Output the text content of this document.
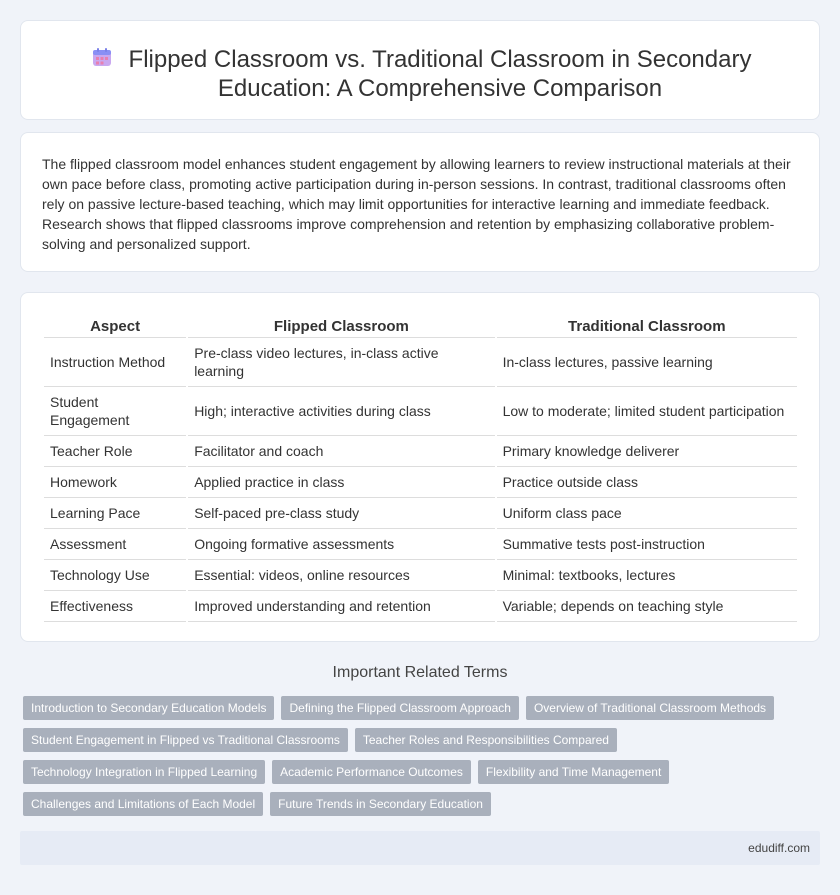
Flipped Classroom vs. Traditional Classroom in Secondary Education: A Comprehensive Comparison

The flipped classroom model enhances student engagement by allowing learners to review instructional materials at their own pace before class, promoting active participation during in-person sessions. In contrast, traditional classrooms often rely on passive lecture-based teaching, which may limit opportunities for interactive learning and immediate feedback. Research shows that flipped classrooms improve comprehension and retention by emphasizing collaborative problem-solving and personalized support.

Aspect	Flipped Classroom	Traditional Classroom
Instruction Method	Pre-class video lectures, in-class active learning	In-class lectures, passive learning
Student Engagement	High; interactive activities during class	Low to moderate; limited student participation
Teacher Role	Facilitator and coach	Primary knowledge deliverer
Homework	Applied practice in class	Practice outside class
Learning Pace	Self-paced pre-class study	Uniform class pace
Assessment	Ongoing formative assessments	Summative tests post-instruction
Technology Use	Essential: videos, online resources	Minimal: textbooks, lectures
Effectiveness	Improved understanding and retention	Variable; depends on teaching style
Important Related Terms
Introduction to Secondary Education Models	Defining the Flipped Classroom Approach	Overview of Traditional Classroom Methods
Student Engagement in Flipped vs Traditional Classrooms	Teacher Roles and Responsibilities Compared
Technology Integration in Flipped Learning	Academic Performance Outcomes	Flexibility and Time Management
Challenges and Limitations of Each Model	Future Trends in Secondary Education
edudiff.com
